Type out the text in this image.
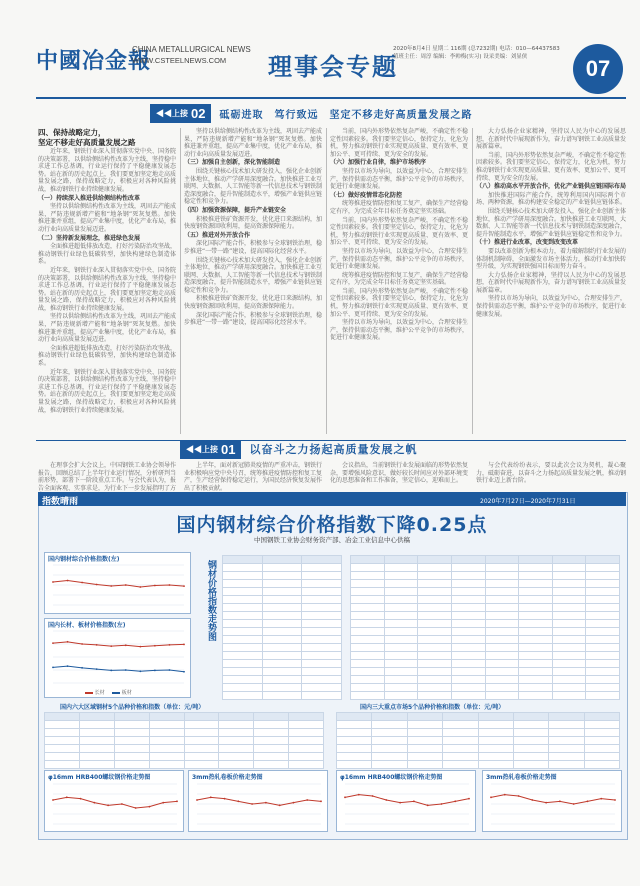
中國冶金報
CHINA METALLURGICAL NEWS
WWW.CSTEELNEWS.COM 理事会专题
2020年8月4日 星期二 116期 (总7232期) 电话：010—64437583
值班主任：周淳 编辑：李帅梅(实习) 设采美编：刘显侠	07
◀◀上接 02 砥砺进取　笃行致远　坚定不移走好高质量发展之路
四、保持战略定力，
坚定不移走好高质量发展之路

近年来，钢铁行业深入贯彻落实党中央、国务院的决策部署，以供给侧结构性改革为主线，坚持稳中求进工作总基调，行业运行保持了平稳健康发展态势。站在新的历史起点上，我们要更加坚定地走高质量发展之路，保持战略定力，积极应对各种风险挑战，推动钢铁行业持续健康发展。

（一）持续深入推进供给侧结构性改革

坚持以供给侧结构性改革为主线，巩固去产能成果，严防违规新增产能和“地条钢”死灰复燃。加快推进兼并重组，提高产业集中度，优化产业布局，推动行业向高质量发展迈进。

（二）坚持新发展理念，推进绿色发展

全面推进超低排放改造，打好污染防治攻坚战，推动钢铁行业绿色低碳转型，加快构建绿色制造体系。

近年来，钢铁行业深入贯彻落实党中央、国务院的决策部署，以供给侧结构性改革为主线，坚持稳中求进工作总基调，行业运行保持了平稳健康发展态势。站在新的历史起点上，我们要更加坚定地走高质量发展之路，保持战略定力，积极应对各种风险挑战，推动钢铁行业持续健康发展。

坚持以供给侧结构性改革为主线，巩固去产能成果，严防违规新增产能和“地条钢”死灰复燃。加快推进兼并重组，提高产业集中度，优化产业布局，推动行业向高质量发展迈进。

全面推进超低排放改造，打好污染防治攻坚战，推动钢铁行业绿色低碳转型，加快构建绿色制造体系。

近年来，钢铁行业深入贯彻落实党中央、国务院的决策部署，以供给侧结构性改革为主线，坚持稳中求进工作总基调，行业运行保持了平稳健康发展态势。站在新的历史起点上，我们要更加坚定地走高质量发展之路，保持战略定力，积极应对各种风险挑战，推动钢铁行业持续健康发展。

坚持以供给侧结构性改革为主线，巩固去产能成果，严防违规新增产能和“地条钢”死灰复燃。加快推进兼并重组，提高产业集中度，优化产业布局，推动行业向高质量发展迈进。

（三）加强自主创新，深化智能制造

围绕关键核心技术加大研发投入，强化企业创新主体地位，推动产学研用深度融合。加快推进工业互联网、大数据、人工智能等新一代信息技术与钢铁制造深度融合，提升智能制造水平，增强产业链供应链稳定性和竞争力。

（四）加强资源保障，提升产业链安全

积极推进铁矿资源开发，优化进口来源结构，加快废钢资源回收利用，提高资源保障能力。

（五）推进对外开放合作

深化国际产能合作，积极参与全球钢铁治理，稳步推进“一带一路”建设，提高国际化经营水平。

围绕关键核心技术加大研发投入，强化企业创新主体地位，推动产学研用深度融合。加快推进工业互联网、大数据、人工智能等新一代信息技术与钢铁制造深度融合，提升智能制造水平，增强产业链供应链稳定性和竞争力。

积极推进铁矿资源开发，优化进口来源结构，加快废钢资源回收利用，提高资源保障能力。

深化国际产能合作，积极参与全球钢铁治理，稳步推进“一带一路”建设，提高国际化经营水平。

当前，国内外形势依然复杂严峻，不确定性不稳定性因素较多。我们要坚定信心，保持定力，化危为机，努力推动钢铁行业实现更高质量、更有效率、更加公平、更可持续、更为安全的发展。

（六）加强行业自律，维护市场秩序

坚持以市场为导向，以效益为中心，合理安排生产，保持供需动态平衡，维护公平竞争的市场秩序，促进行业健康发展。

（七）做好疫情常态化防控

统筹推进疫情防控和复工复产，确保生产经营稳定有序，为完成全年目标任务奠定坚实基础。

当前，国内外形势依然复杂严峻，不确定性不稳定性因素较多。我们要坚定信心，保持定力，化危为机，努力推动钢铁行业实现更高质量、更有效率、更加公平、更可持续、更为安全的发展。

坚持以市场为导向，以效益为中心，合理安排生产，保持供需动态平衡，维护公平竞争的市场秩序，促进行业健康发展。

统筹推进疫情防控和复工复产，确保生产经营稳定有序，为完成全年目标任务奠定坚实基础。

当前，国内外形势依然复杂严峻，不确定性不稳定性因素较多。我们要坚定信心，保持定力，化危为机，努力推动钢铁行业实现更高质量、更有效率、更加公平、更可持续、更为安全的发展。

坚持以市场为导向，以效益为中心，合理安排生产，保持供需动态平衡，维护公平竞争的市场秩序，促进行业健康发展。

大力弘扬企业家精神，坚持以人民为中心的发展思想，在新时代中展现新作为，奋力谱写钢铁工业高质量发展新篇章。

当前，国内外形势依然复杂严峻，不确定性不稳定性因素较多。我们要坚定信心，保持定力，化危为机，努力推动钢铁行业实现更高质量、更有效率、更加公平、更可持续、更为安全的发展。

（八）推动高水平开放合作，优化产业链供应链国际布局

加快推进国际产能合作，统筹利用国内国际两个市场、两种资源，推动构建安全稳定的产业链供应链体系。

围绕关键核心技术加大研发投入，强化企业创新主体地位，推动产学研用深度融合。加快推进工业互联网、大数据、人工智能等新一代信息技术与钢铁制造深度融合，提升智能制造水平，增强产业链供应链稳定性和竞争力。

（十）推进行业改革，改变到改变改革

要以改革创新为根本动力，着力破解制约行业发展的体制机制障碍，全面激发市场主体活力，推动行业加快转型升级，为实现钢铁强国目标而努力奋斗。

大力弘扬企业家精神，坚持以人民为中心的发展思想，在新时代中展现新作为，奋力谱写钢铁工业高质量发展新篇章。

坚持以市场为导向，以效益为中心，合理安排生产，保持供需动态平衡，维护公平竞争的市场秩序，促进行业健康发展。

◀◀上接 01 以奋斗之力扬起高质量发展之帆

在理事会扩大会议上，中国钢铁工业协会领导作报告，回顾总结了上半年行业运行情况，分析研判当前形势，部署下一阶段重点工作。与会代表认为，报告全面客观、实事求是，为行业下一步发展指明了方

上半年，面对新冠肺炎疫情的严重冲击，钢铁行业积极响应党中央号召，统筹推进疫情防控和复工复产，生产经营保持稳定运行，为国民经济恢复发展作出了积极贡献。

会议指出，当前钢铁行业发展面临的形势依然复杂，要增强风险意识，做好较长时间应对外部环境变化的思想准备和工作准备，坚定信心，迎难而上。

与会代表纷纷表示，要以此次会议为契机，凝心聚力，砥砺奋进，以奋斗之力扬起高质量发展之帆，推动钢铁行业迈上新台阶。

指数晴雨	2020年7月27日—2020年7月31日
国内钢材综合价格指数下降0.25点
中国钢铁工业协会财务资产部、冶金工业信息中心供稿
国内钢材综合价格指数(左)
国内长材、板材价格指数(左)
长材	板材
钢材价格指数走势图

国内六大区域钢材5个品种价格和指数（单位：元/吨）	国内三大重点市场5个品种价格和指数（单位：元/吨）

φ16mm HRB400螺纹钢价格走势图	3mm热轧卷板价格走势图	φ16mm HRB400螺纹钢价格走势图	3mm热轧卷板价格走势图
